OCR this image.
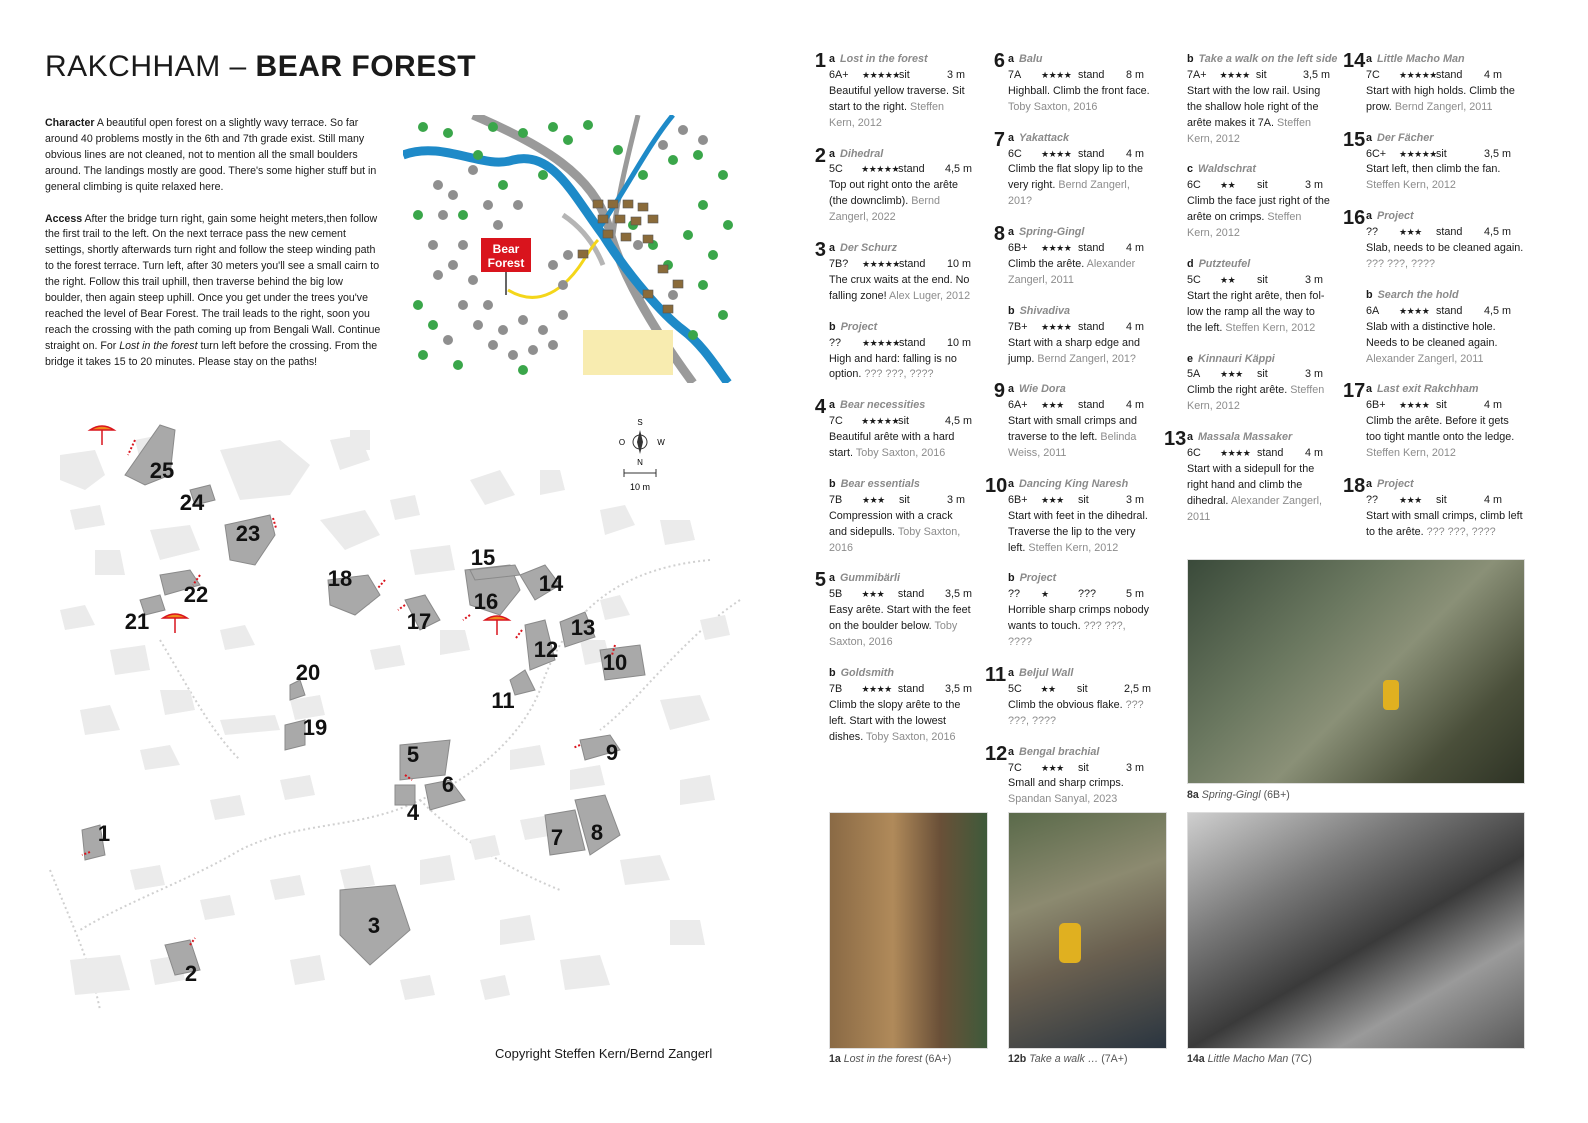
RAKCHHAM – BEAR FOREST

Character A beautiful open forest on a slightly wavy terrace. So far around 40 problems mostly in the 6th and 7th grade exist. Still many obvious lines are not cleaned, not to mention all the small boulders around. The landings mostly are good. There's some higher stuff but in general climbing is quite relaxed here.

Access After the bridge turn right, gain some height meters,then follow the first trail to the left. On the next terrace pass the new cement settings, shortly afterwards turn right and follow the steep winding path to the forest terrace. Turn left, after 30 meters you'll see a small cairn to the right. Follow this trail uphill, then traverse behind the big low boulder, then again steep uphill. Once you get under the trees you've reached the level of Bear Forest. The trail leads to the right, soon you reach the crossing with the path coming up from Bengali Wall. Continue straight on. For Lost in the forest turn left before the crossing. From the bridge it takes 15 to 20 minutes. Please stay on the paths!

Bear
Forest
S
N
O	W
10 m
25
24
23
22
21
20
19
18
17
16
15
14
13
12
11
10
9
8
7
6
5
4
3
2
1
Copyright Steffen Kern/Bernd Zangerl
1 a Lost in the forest
6A+	★★★★★ sit	3 m
Beautiful yellow traverse. Sit start to the right. Steffen Kern, 2012
2 a Dihedral
5C	★★★★★ stand	4,5 m
Top out right onto the arête (the downclimb). Bernd Zangerl, 2022
3 a Der Schurz
7B?	★★★★★ stand	10 m
The crux waits at the end. No falling zone! Alex Luger, 2012
b Project
??	★★★★★ stand	10 m
High and hard: falling is no option. ??? ???, ????
4 a Bear necessities
7C	★★★★★ sit	4,5 m
Beautiful arête with a hard start. Toby Saxton, 2016
b Bear essentials
7B	★★★	sit	3 m
Compression with a crack and sidepulls. Toby Saxton, 2016
5 a Gummibärli
5B	★★★	stand	3,5 m
Easy arête. Start with the feet on the boulder below. Toby Saxton, 2016
b Goldsmith
7B	★★★★ stand	3,5 m
Climb the slopy arête to the left. Start with the lowest dishes. Toby Saxton, 2016
6 a Balu
7A	★★★★ stand	8 m
Highball. Climb the front face. Toby Saxton, 2016
7 a Yakattack
6C	★★★★ stand	4 m
Climb the flat slopy lip to the very right. Bernd Zangerl, 201?
8 a Spring-Gingl
6B+	★★★★ stand	4 m
Climb the arête. Alexander Zangerl, 2011
b Shivadiva
7B+	★★★★ stand	4 m
Start with a sharp edge and jump. Bernd Zangerl, 201?
9 a Wie Dora
6A+	★★★	stand	4 m
Start with small crimps and traverse to the left. Belinda Weiss, 2011
10 a Dancing King Naresh
6B+	★★★	sit	3 m
Start with feet in the dihedral. Traverse the lip to the very left. Steffen Kern, 2012
b Project
??	★	???	5 m
Horrible sharp crimps nobody wants to touch. ??? ???, ????
11 a Beljul Wall
5C	★★	sit	2,5 m
Climb the obvious flake. ??? ???, ????
12 a Bengal brachial
7C	★★★	sit	3 m
Small and sharp crimps. Spandan Sanyal, 2023
b Take a walk on the left side
7A+	★★★★ sit	3,5 m
Start with the low rail. Using the shallow hole right of the arête makes it 7A. Steffen Kern, 2012
c Waldschrat
6C	★★	sit	3 m
Climb the face just right of the arête on crimps. Steffen Kern, 2012
d Putzteufel
5C	★★	sit	3 m
Start the right arête, then fol-low the ramp all the way to the left. Steffen Kern, 2012
e Kinnauri Käppi
5A	★★★	sit	3 m
Climb the right arête. Steffen Kern, 2012
13 a Massala Massaker
6C	★★★★ stand	4 m
Start with a sidepull for the right hand and climb the dihedral. Alexander Zangerl, 2011
14 a Little Macho Man
7C	★★★★★ stand	4 m
Start with high holds. Climb the prow. Bernd Zangerl, 2011
15 a Der Fächer
6C+	★★★★★ sit	3,5 m
Start left, then climb the fan. Steffen Kern, 2012
16 a Project
??	★★★	stand	4,5 m
Slab, needs to be cleaned again. ??? ???, ????
b Search the hold
6A	★★★★ stand	4,5 m
Slab with a distinctive hole. Needs to be cleaned again. Alexander Zangerl, 2011
17 a Last exit Rakchham
6B+	★★★★ sit	4 m
Climb the arête. Before it gets too tight mantle onto the ledge. Steffen Kern, 2012
18 a Project
??	★★★	sit	4 m
Start with small crimps, climb left to the arête. ??? ???, ????
8a Spring-Gingl (6B+)
1a Lost in the forest (6A+)	12b Take a walk … (7A+)	14a Little Macho Man (7C)
